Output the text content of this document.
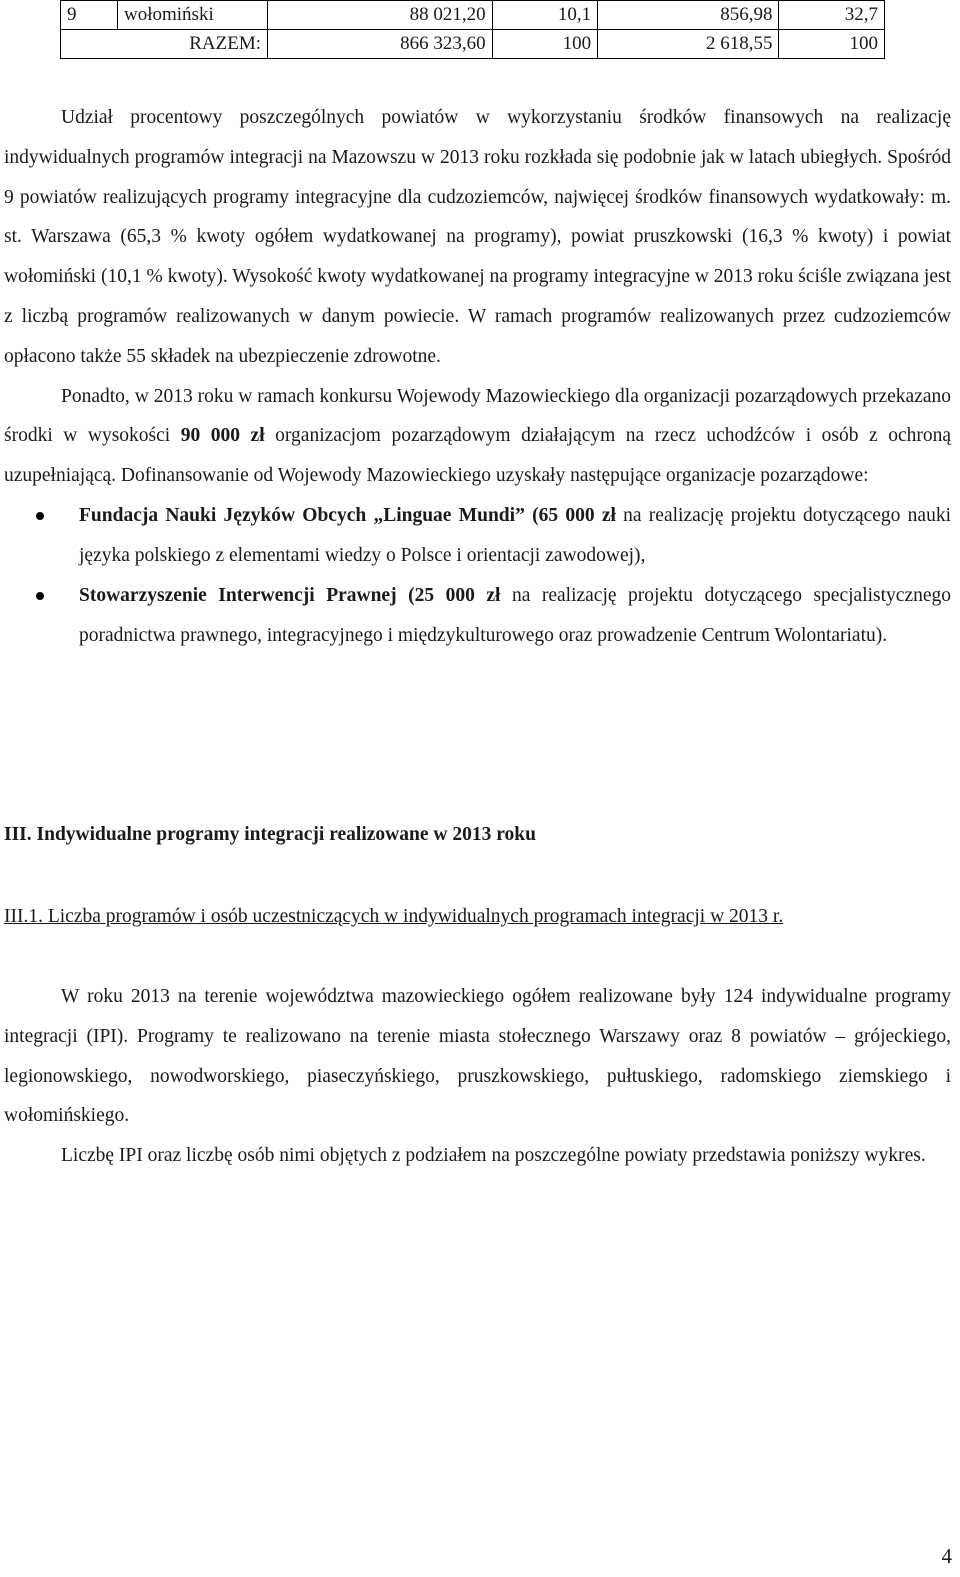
9	wołomiński	88 021,20	10,1	856,98	32,7
RAZEM:		866 323,60	100	2 618,55	100

Udział procentowy poszczególnych powiatów w wykorzystaniu środków finansowych na realizację indywidualnych programów integracji na Mazowszu w 2013 roku rozkłada się podobnie jak w latach ubiegłych. Spośród 9 powiatów realizujących programy integracyjne dla cudzoziemców, najwięcej środków finansowych wydatkowały: m. st. Warszawa (65,3 % kwoty ogółem wydatkowanej na programy), powiat pruszkowski (16,3 % kwoty) i powiat wołomiński (10,1 % kwoty). Wysokość kwoty wydatkowanej na programy integracyjne w 2013 roku ściśle związana jest z liczbą programów realizowanych w danym powiecie. W ramach programów realizowanych przez cudzoziemców opłacono także 55 składek na ubezpieczenie zdrowotne.

Ponadto, w 2013 roku w ramach konkursu Wojewody Mazowieckiego dla organizacji pozarządowych przekazano środki w wysokości 90 000 zł organizacjom pozarządowym działającym na rzecz uchodźców i osób z ochroną uzupełniającą. Dofinansowanie od Wojewody Mazowieckiego uzyskały następujące organizacje pozarządowe:

Fundacja Nauki Języków Obcych „Linguae Mundi” (65 000 zł na realizację projektu dotyczącego nauki języka polskiego z elementami wiedzy o Polsce i orientacji zawodowej),
Stowarzyszenie Interwencji Prawnej (25 000 zł na realizację projektu dotyczącego specjalistycznego poradnictwa prawnego, integracyjnego i międzykulturowego oraz prowadzenie Centrum Wolontariatu).
III. Indywidualne programy integracji realizowane w 2013 roku

III.1. Liczba programów i osób uczestniczących w indywidualnych programach integracji w 2013 r.

W roku 2013 na terenie województwa mazowieckiego ogółem realizowane były 124 indywidualne programy integracji (IPI). Programy te realizowano na terenie miasta stołecznego Warszawy oraz 8 powiatów – grójeckiego, legionowskiego, nowodworskiego, piaseczyńskiego, pruszkowskiego, pułtuskiego, radomskiego ziemskiego i wołomińskiego.

Liczbę IPI oraz liczbę osób nimi objętych z podziałem na poszczególne powiaty przedstawia poniższy wykres.

4
